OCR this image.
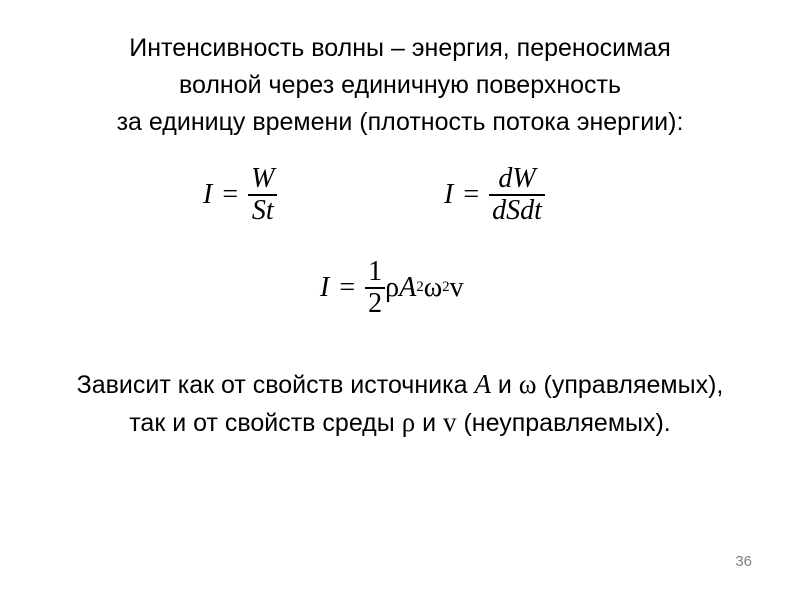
Интенсивность волны – энергия, переносимая
волной через единичную поверхность
за единицу времени (плотность потока энергии):
$I = \frac{W}{St}$	$I = \frac{dW}{\text{dSdt}}$
$I = \frac{1}{2}$ ρ A 2 ω 2 v
Зависит как от свойств источника A и ω (управляемых),
так и от свойств среды ρ и v (неуправляемых).
36
